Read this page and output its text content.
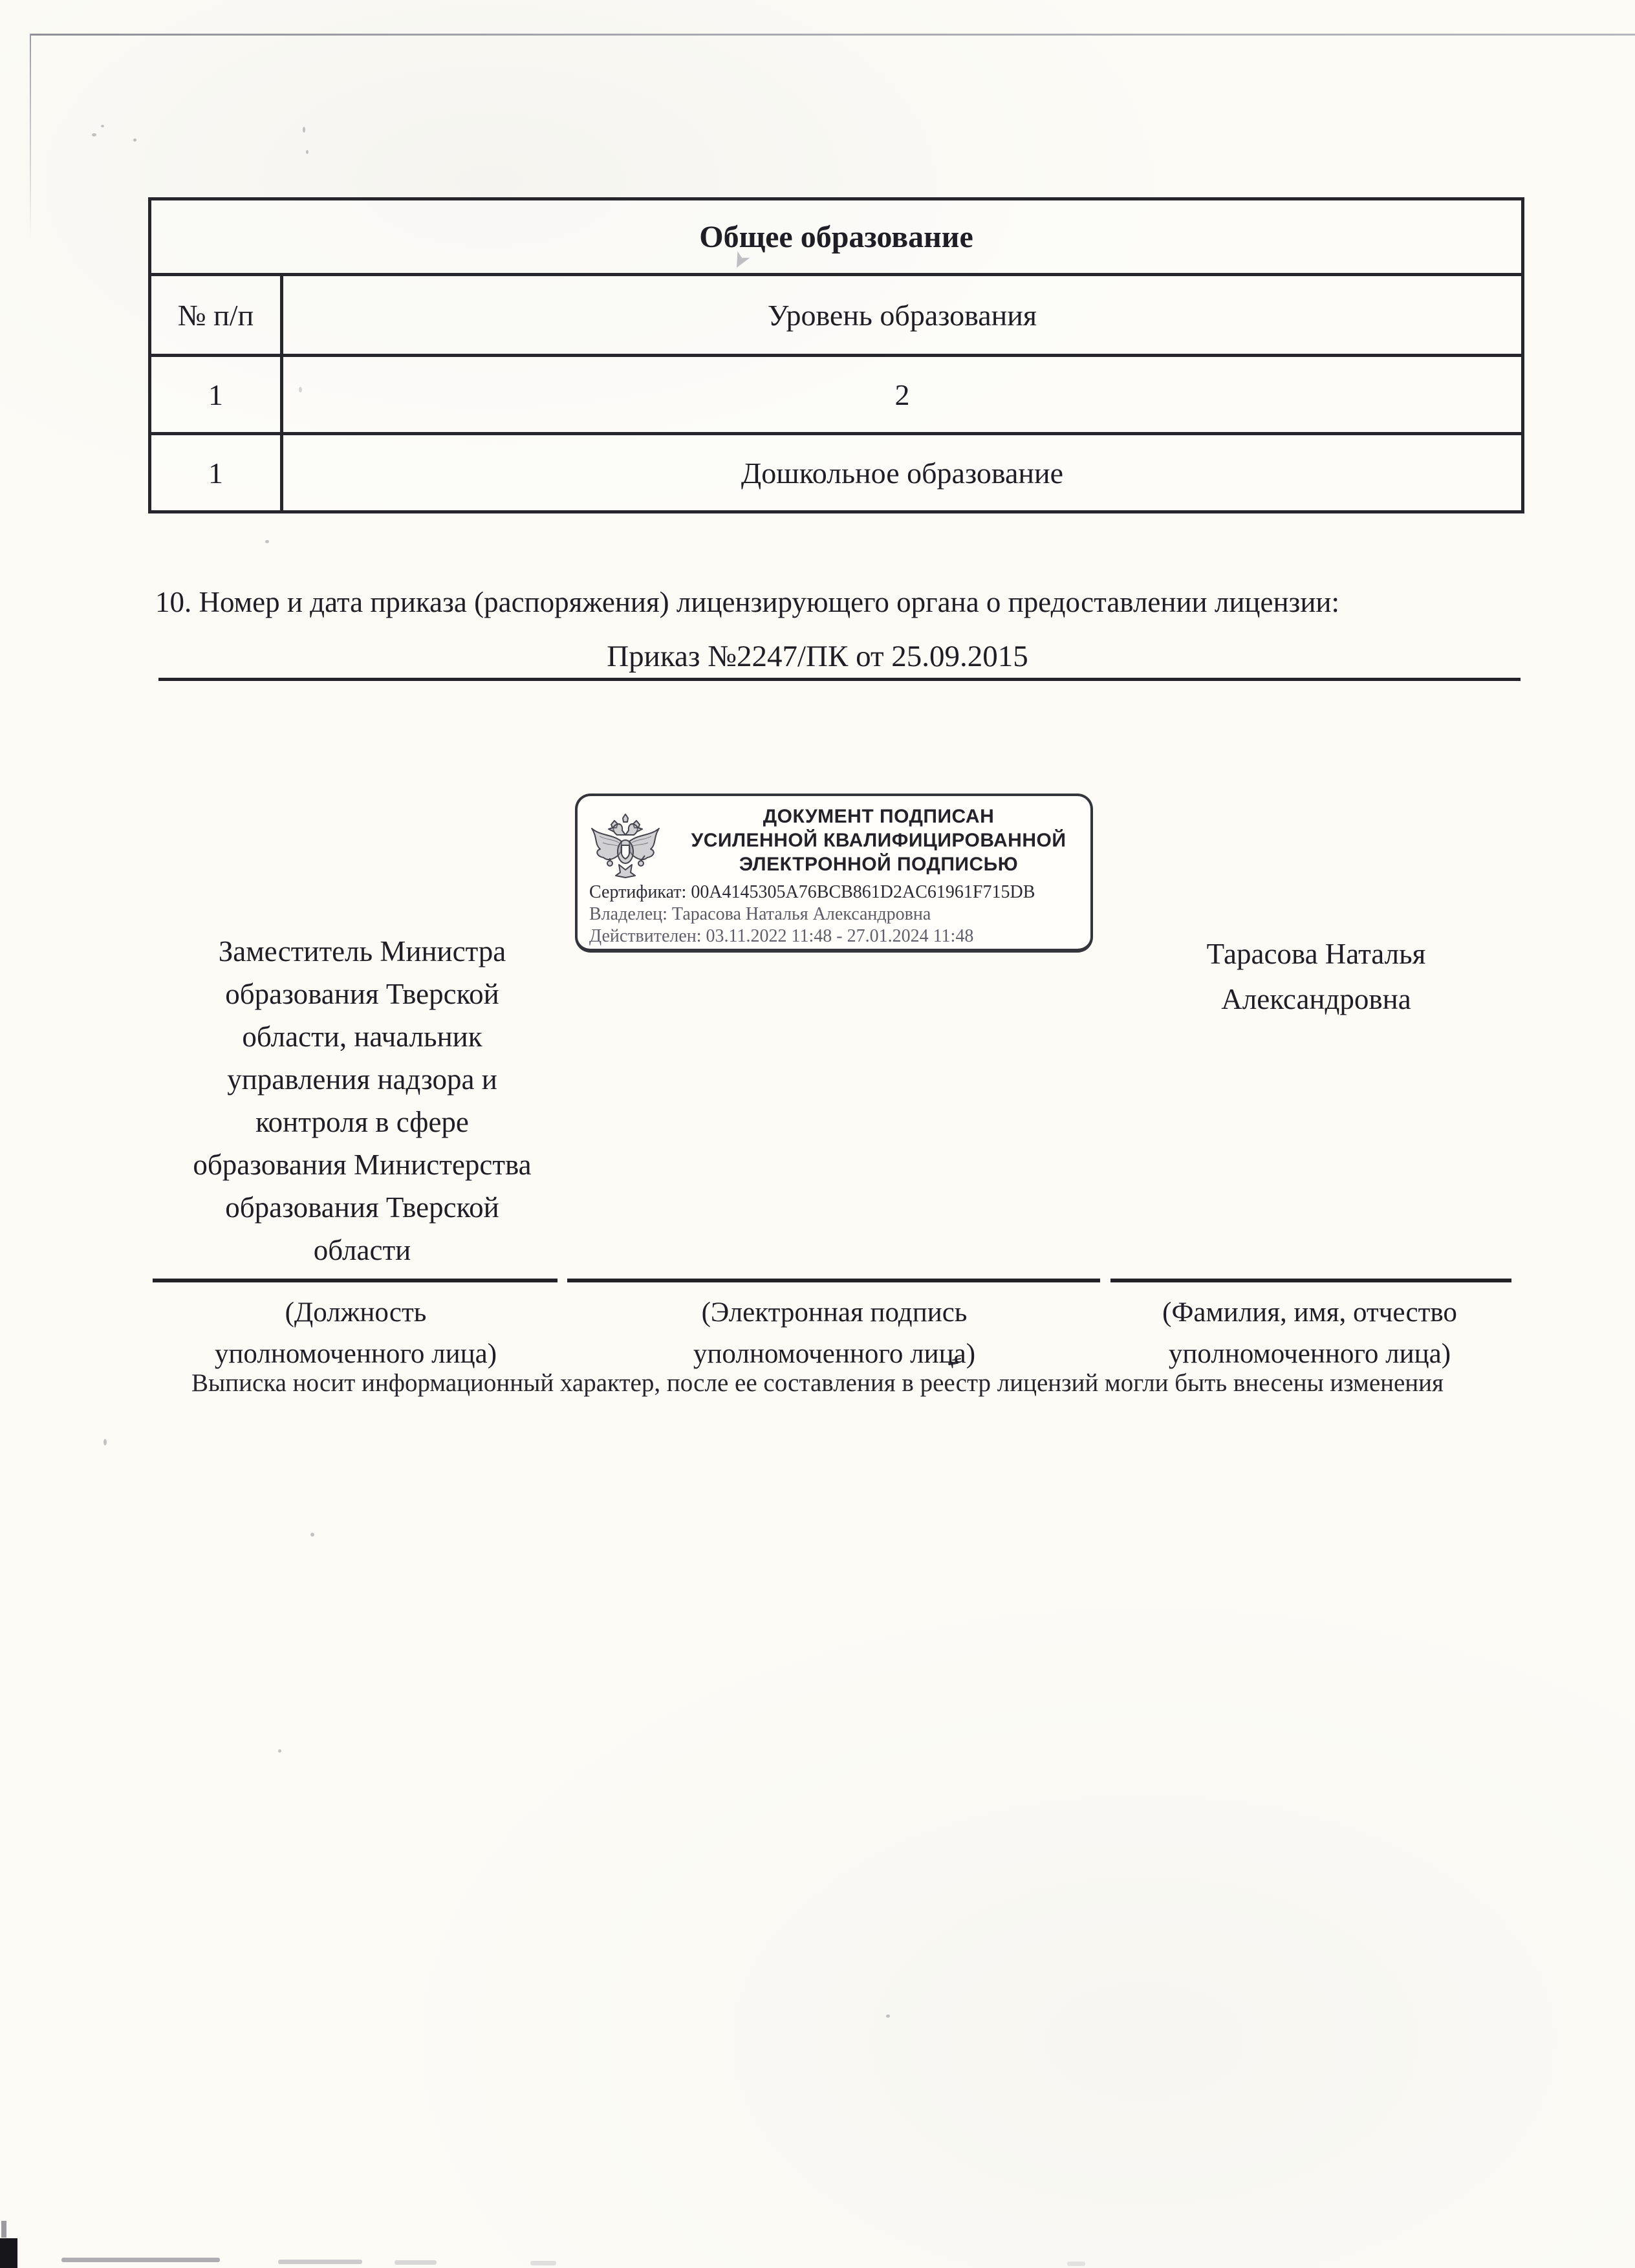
➤
Общее образование
№ п/п	Уровень образования
1	2
1	Дошкольное образование
10. Номер и дата приказа (распоряжения) лицензирующего органа о предоставлении лицензии:
Приказ №2247/ПК от 25.09.2015
ДОКУМЕНТ ПОДПИСАН
УСИЛЕННОЙ КВАЛИФИЦИРОВАННОЙ
ЭЛЕКТРОННОЙ ПОДПИСЬЮ
Сертификат: 00A4145305A76BCB861D2AC61961F715DB
Владелец: Тарасова Наталья Александровна
Действителен: 03.11.2022 11:48 - 27.01.2024 11:48
Заместитель Министра
образования Тверской
области, начальник
управления надзора и
контроля в сфере
образования Министерства
образования Тверской
области
Тарасова Наталья
Александровна
(Должность
уполномоченного лица)
(Электронная подпись
уполномоченного лица)
(Фамилия, имя, отчество
уполномоченного лица)
Выписка носит информационный характер, после ее составления в реестр лицензий могли быть внесены изменения
